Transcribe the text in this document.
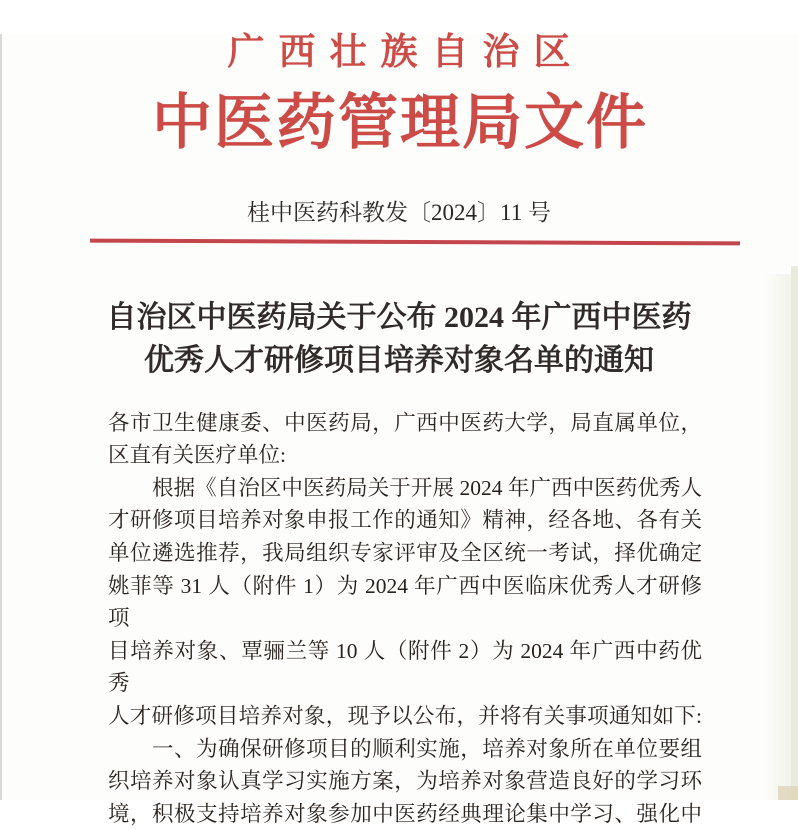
广西壮族自治区
中医药管理局文件
桂中医药科教发〔2024〕11 号
自治区中医药局关于公布 2024 年广西中医药
优秀人才研修项目培养对象名单的通知
各市卫生健康委、中医药局，广西中医药大学，局直属单位，
区直有关医疗单位:
根据《自治区中医药局关于开展 2024 年广西中医药优秀人
才研修项目培养对象申报工作的通知》精神，经各地、各有关
单位遴选推荐，我局组织专家评审及全区统一考试，择优确定
姚菲等 31 人（附件 1）为 2024 年广西中医临床优秀人才研修项
目培养对象、覃骊兰等 10 人（附件 2）为 2024 年广西中药优秀
人才研修项目培养对象，现予以公布，并将有关事项通知如下:
一、为确保研修项目的顺利实施，培养对象所在单位要组
织培养对象认真学习实施方案，为培养对象营造良好的学习环
境，积极支持培养对象参加中医药经典理论集中学习、强化中
